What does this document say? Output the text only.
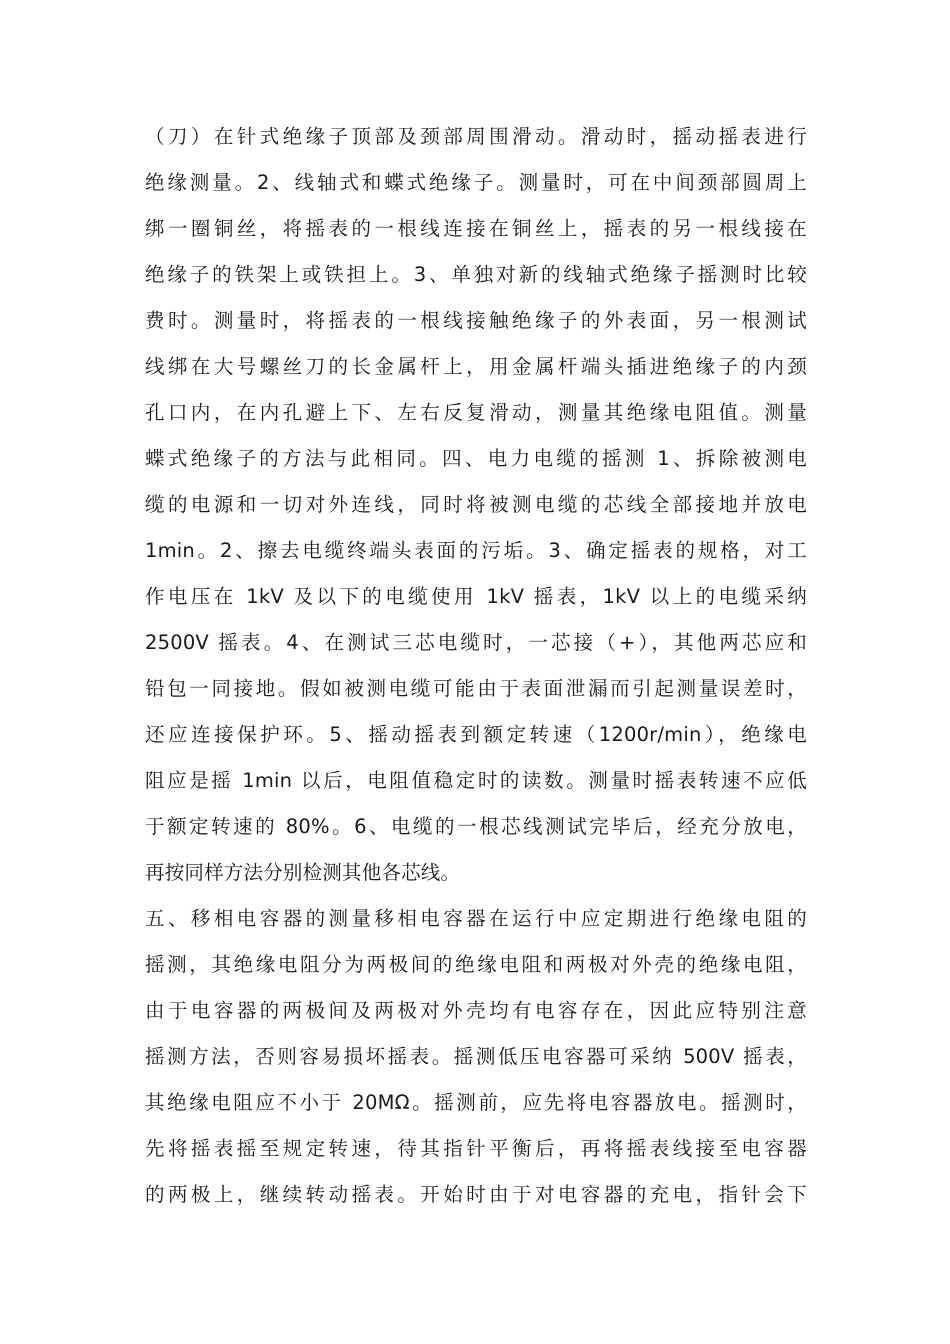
（刀）在针式绝缘子顶部及颈部周围滑动。滑动时，摇动摇表进行
绝缘测量。2、线轴式和蝶式绝缘子。测量时，可在中间颈部圆周上
绑一圈铜丝，将摇表的一根线连接在铜丝上，摇表的另一根线接在
绝缘子的铁架上或铁担上。3、单独对新的线轴式绝缘子摇测时比较
费时。测量时，将摇表的一根线接触绝缘子的外表面，另一根测试
线绑在大号螺丝刀的长金属杆上，用金属杆端头插进绝缘子的内颈
孔口内，在内孔避上下、左右反复滑动，测量其绝缘电阻值。测量
蝶式绝缘子的方法与此相同。四、电力电缆的摇测 1、拆除被测电
缆的电源和一切对外连线，同时将被测电缆的芯线全部接地并放电
1min。2、擦去电缆终端头表面的污垢。3、确定摇表的规格，对工
作电压在 1kV 及以下的电缆使用 1kV 摇表，1kV 以上的电缆采纳
2500V 摇表。4、在测试三芯电缆时，一芯接（+），其他两芯应和
铅包一同接地。假如被测电缆可能由于表面泄漏而引起测量误差时，
还应连接保护环。5、摇动摇表到额定转速（1200r/min），绝缘电
阻应是摇 1min 以后，电阻值稳定时的读数。测量时摇表转速不应低
于额定转速的 80%。6、电缆的一根芯线测试完毕后，经充分放电，
再按同样方法分别检测其他各芯线。
五、移相电容器的测量移相电容器在运行中应定期进行绝缘电阻的
摇测，其绝缘电阻分为两极间的绝缘电阻和两极对外壳的绝缘电阻，
由于电容器的两极间及两极对外壳均有电容存在，因此应特别注意
摇测方法，否则容易损坏摇表。摇测低压电容器可采纳 500V 摇表，
其绝缘电阻应不小于 20MΩ。摇测前，应先将电容器放电。摇测时，
先将摇表摇至规定转速，待其指针平衡后，再将摇表线接至电容器
的两极上，继续转动摇表。开始时由于对电容器的充电，指针会下
